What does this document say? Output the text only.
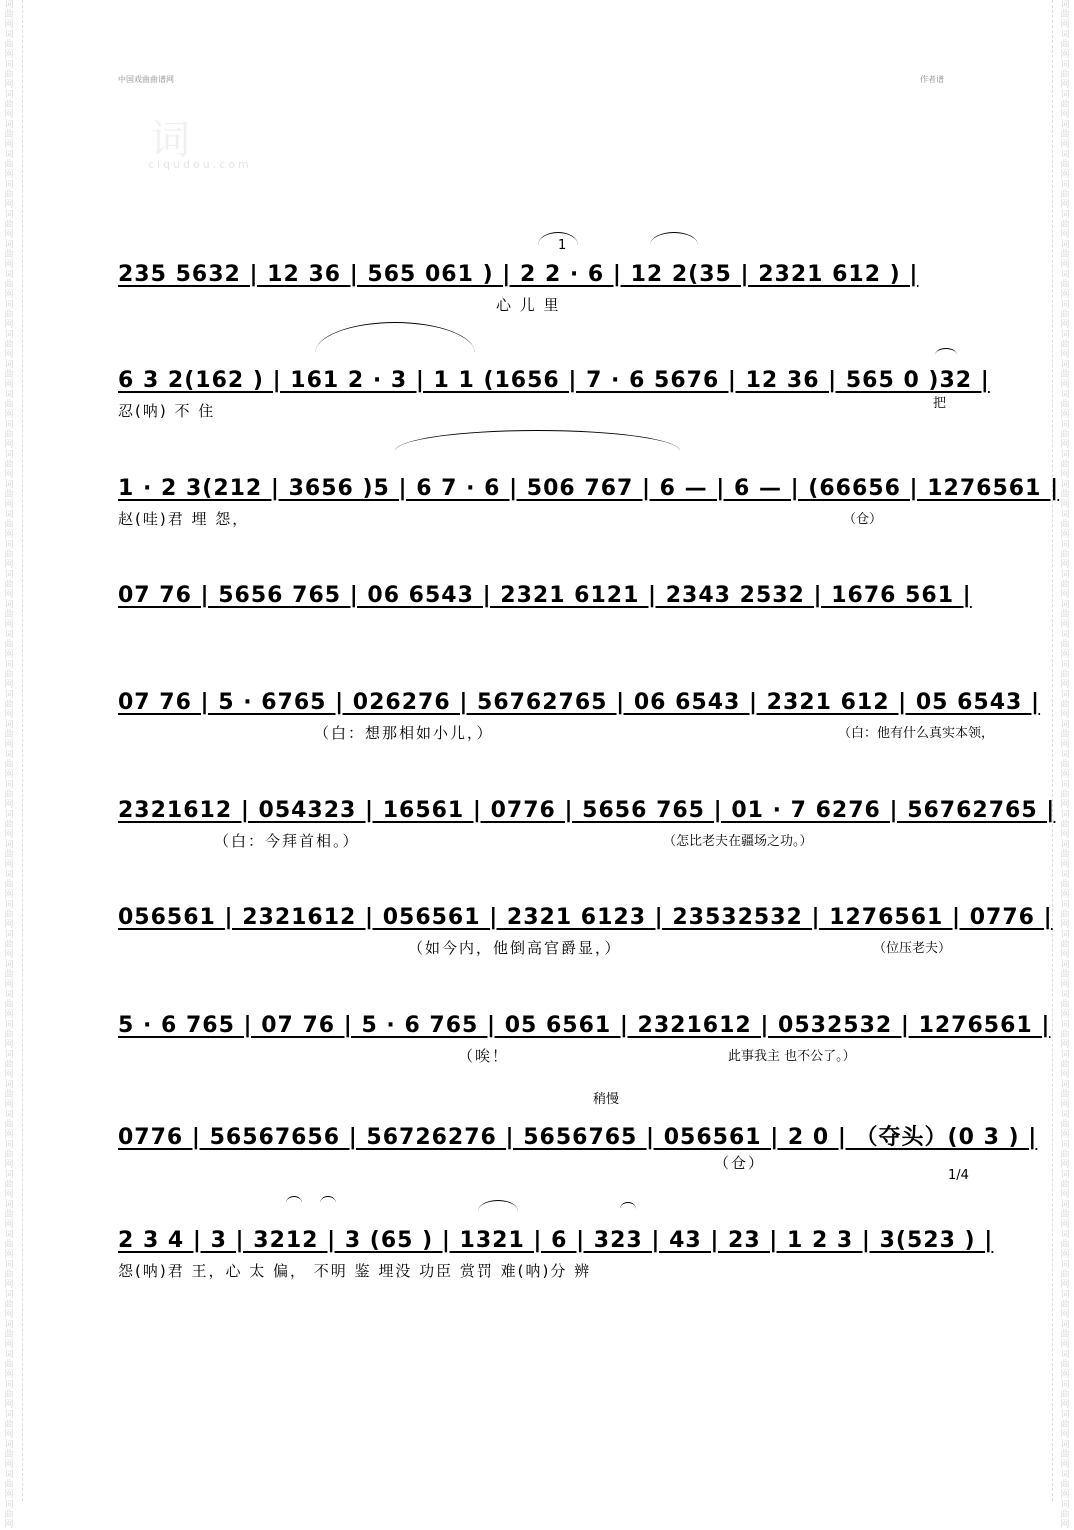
词曲网词曲网词曲网词曲网词曲网词曲网词曲网词曲网词曲网词曲网词曲网词曲网词曲网词曲网词曲网词曲网词曲网词曲网词曲网词曲网词曲网词曲网词曲网词曲网词曲网词曲网词曲网词曲网词曲网词曲网词曲网词曲网词曲网词曲网词曲网词曲网词曲网词曲网词曲网词曲网词曲网词曲网词曲网词曲网词曲网词曲网词曲网词曲网词曲网词曲网词曲网
词曲网词曲网词曲网词曲网词曲网词曲网词曲网词曲网词曲网词曲网词曲网词曲网词曲网词曲网词曲网词曲网词曲网词曲网词曲网词曲网词曲网词曲网词曲网词曲网词曲网词曲网词曲网词曲网词曲网词曲网词曲网词曲网词曲网词曲网词曲网词曲网词曲网词曲网词曲网词曲网词曲网词曲网词曲网词曲网词曲网词曲网词曲网词曲网词曲网词曲网词曲网
中国戏曲曲谱网	作者谱
词
ciqudou.com
235 5632 | 12 36 | 565 061 ) | 2 2 · 6 | 12 2(35 | 2321 612 ) |
心 儿 里
1
6 3 2(162 ) | 161 2 · 3 | 1 1 (1656 | 7 · 6 5676 | 12 36 | 565 0 )32 |
忍(呐) 不 住	把
1 · 2 3(212 | 3656 )5 | 6 7 · 6 | 506 767 | 6 — | 6 — | (66656 | 1276561 |
赵(哇)君 埋 怨，	（仓）
07 76 | 5656 765 | 06 6543 | 2321 6121 | 2343 2532 | 1676 561 |
07 76 | 5 · 6765 | 026276 | 56762765 | 06 6543 | 2321 612 | 05 6543 |
（白：想那相如小儿，）	（白：他有什么真实本领，
2321612 | 054323 | 16561 | 0776 | 5656 765 | 01 · 7 6276 | 56762765 |
（白：今拜首相。）	（怎比老夫在疆场之功。）
056561 | 2321612 | 056561 | 2321 6123 | 23532532 | 1276561 | 0776 |
（如今内，他倒高官爵显，）	（位压老夫）
5 · 6 765 | 07 76 | 5 · 6 765 | 05 6561 | 2321612 | 0532532 | 1276561 |
（唉！	此事我主 也不公了。）
0776 | 56567656 | 56726276 | 5656765 | 056561 | 2 0 | （夺头）(0 3 ) |
（仓）
稍慢
2 3 4 | 3 | 3212 | 3 (65 ) | 1321 | 6 | 323 | 43 | 23 | 1 2 3 | 3(523 ) |
怨(呐)君 王，心 太 偏， 不明 鉴 埋没 功臣 赏罚 难(呐)分 辨
1/4
